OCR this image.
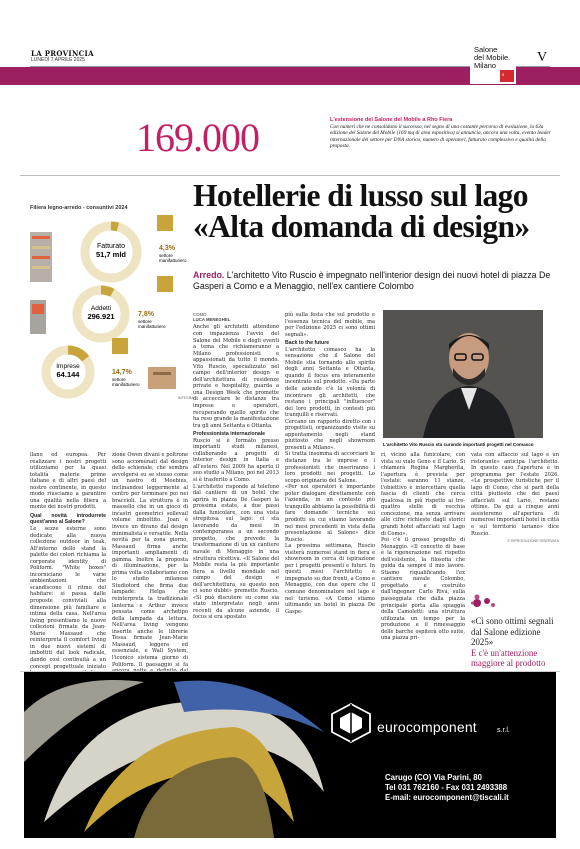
LA PROVINCIA
LUNEDÌ 7 APRILE 2025
Salone
del Mobile.
Milano
s
V
169.000	L'estensione del Salone del Mobile a Rho Fiera
Con numeri che ne consolidano il successo, nel segno di una costante percorso di evoluzione, la 63a edizione del Salone del Mobile (169 mq di area espositiva) si annuncia, ancora una volta, evento leader internazionale del settore per DNA storico, numero di operatori, fatturato complessivo e qualità della proposta.
Filiera legno-arredo - consuntivi 2024
Fatturato
51,7 mld
Addetti
296.921
Imprese
64.144
4,3%
settore
manifatturiero
7,8%
settore
manifatturiero
14,7%
settore
manifatturiero
INTEGRA
Hotellerie di lusso sul lago
«Alta domanda di design»
Arredo. L'architetto Vito Ruscio è impegnato nell'interior design dei nuovi hotel di piazza De Gasperi a Como e a Menaggio, nell'ex cantiere Colombo
L'architetto Vito Ruscio sta curando importanti progetti nel Comasco
llano ed europea. Per realizzare i nostri progetti utilizziamo per la quasi totalità materie prime italiane e di altri paesi del nostro continente, in questo modo riusciamo a garantire una qualità nella filiera a monte dei nostri prodotti.
Qual novità introdurrete quest'anno al Salone?
Le sezze esterne sono dedicate alla nuova collezione outdoor in teak. All'interno dello stand la palette dei colori richiama la corporate identity di Poliform. "White boxes" incorniciano le varie ambientazioni che scandiscono il ritmo del habitare: si passa dalle proposte conviviali alla dimensione più familiare e intima della casa. Nell'area living presentiamo le nuove collezioni firmate da Jean-Marie Massaud che reinterpreta il comfort living in due nuovi sistemi di imbottiti dal look radicale, dando così continuità a un concept progettuale iniziato
zione Owen divani e poltrone sono accomunati dal design dello schienale, che sembra avvolgersi su se stesso come un nastro di Moebius, inclinandosi leggermente al centro per terminare poi nei braccioli. La struttura è in massello che in un gioco di incastri geometrici sollevail volume imbottito. Joan è invece un divano dal design minimalista e versatile. Nella novità per la zona giorno, Massaud firma anche importanti ampliamenti di gamma. Inoltre la proposta di illuminazione, per la prima volta collaboriamo con lo studio milanese Studiotord che firma due lampade: Helga che reinterpreta la tradizionale lanterna e Arthur invece pensata come archetipo della lampada da lettura. Nell'area living vengono inserite anche le librerie Tessa firmate Jean-Marie Massaud, leggera ed essenziale, e Wall System, l'iconico sistema giorno di Poliform. Il paesaggio si fa
COMO
LUCA MENEGHEL
Anche gli architetti attendono con impazienza l'avvio del Salone del Mobile e degli eventi a tema che richiameranno a Milano professionisti e appassionati da tutto il mondo. Vito Ruscio, specializzato nel campo dell'interior design e dell'architettura di residenze private e hospitality, guarda a una Design Week che promette di accecciare le distanze tra imprese e operatori, recuperando quello spirito che ha reso grande la manifestazione tra gli anni Settanta e Ottanta.
Professionista internazionale
Ruscio si è formato presso importanti studi milanesi, collaborando a progetti di interior design in Italia e all'estero. Nel 2009 ha aperto il suo studio a Milano, poi nel 2013 si è trasferito a Como.
L'architetto risponde al telefono dal cantiere di un hotel che aprirà in piazza De Gasperi la prossima estate, a due passi dalla funicolare, con una vista strepitosa sul lago: ci sta lavorando da mesi in contemporanea a un secondo progetto, che prevede la trasformazione di un ex cantiere navale di Menaggio in una struttura ricettiva. «Il Salone del Mobile resta la più importante fiera a livello mondiale nel campo del design e dell'architettura, su questo non ci sono dubbi» premette Ruscio. «Si può discutere su come sia stato interpretato negli anni recenti da alcune aziende, il focus si era spostato
più sulla festa che sul prodotto e l'essenza tecnica del mobile, ma per l'edizione 2025 ci sono ottimi segnali».
Back to the future
L'architetto comasco ha la sensazione che il Salone del Mobile stia tornando allo spirito degli anni Settanta e Ottanta, quando il focus era interamente incentrato sul prodotto. «Da parte delle aziende c'è la volontà di incontrare gli architetti, che restano i principali "influencer" dei loro prodotti, in contesti più tranquilli e riservati.
Cercano un rapporto diretto con i progettisti, organizzando visite su appuntamento negli stand piuttosto che negli showroom presenti a Milano».
Si tratta insomma di accorciare le distanze tra le imprese e i professionisti che inseriranno i loro prodotti nei progetti. Lo scopo originario del Salone.
«Per noi operatori è importante poter dialogare direttamente con l'azienda, in un contesto più tranquillo abbiamo la possibilità di fare domande tecniche sui prodotti su cui stiamo lavorando nei mesi precedenti in vista della presentazione al Salone» dice Ruscio.
La prossima settimana, Ruscio visiterà numerosi stand in fiera e showroom in cerca di ispirazione per i progetti presenti e futuri. In questi mesi l'architetto è impegnato su due fronti, a Como e Menaggio, con due opere che il comune denominatore nel lago e nel turismo. «A Como stiamo ultimando un hotel in piazza De Gaspe-
ri, vicino alla funicolare, con vista su viale Geno e il Lario. Si chiamerà Regina Margherita, l'apertura è prevista per l'estate: saranno 11 stanze, l'obiettivo è intercettare quella fascia di clienti che cerca qualcosa in più rispetto ai tre-quattro stelle di vecchia concezione, ma senza arrivare alle cifre richieste dagli storici grandi hotel affacciati sul Lago di Como».
Poi c'è il grosso progetto di Menaggio. «Il concetto di base è la rigenerazione nel rispetto dell'esistente, la filosofia che guida da sempre il mio lavoro. Stiamo riqualificando l'ex cantiere navale Colombo, progettato e costruito dall'ingegner Carlo Riva, sulla passeggiata che dalla piazza principale porta alla spiaggia della Camoletti: una struttura utilizzata un tempo per la produzione e il rimessaggio delle barche ospiterà otto suite, una piazza pri-
vata con affaccio sul lago e un ristorante» anticipa l'architetto. In questo caso l'apertura è in programma per l'estate 2026. «Le prospettive turistiche per il lago di Como, che si parli della città piuttosto che dei paesi affacciati sul Lario, restano ottime. Da qui a cinque anni assisteremo all'apertura di numerosi importanti hotel in città e sul territorio lariano» dice Ruscio.
© RIPRODUZIONE RISERVATA
«Ci sono ottimi segnali dal Salone edizione 2025»
E c'è un'attenzione maggiore al prodotto
eurocomponent	s.r.l.
Carugo (CO) Via Parini, 80
Tel 031 762160 - Fax 031 2493388
E-mail: eurocomponent@tiscali.it
